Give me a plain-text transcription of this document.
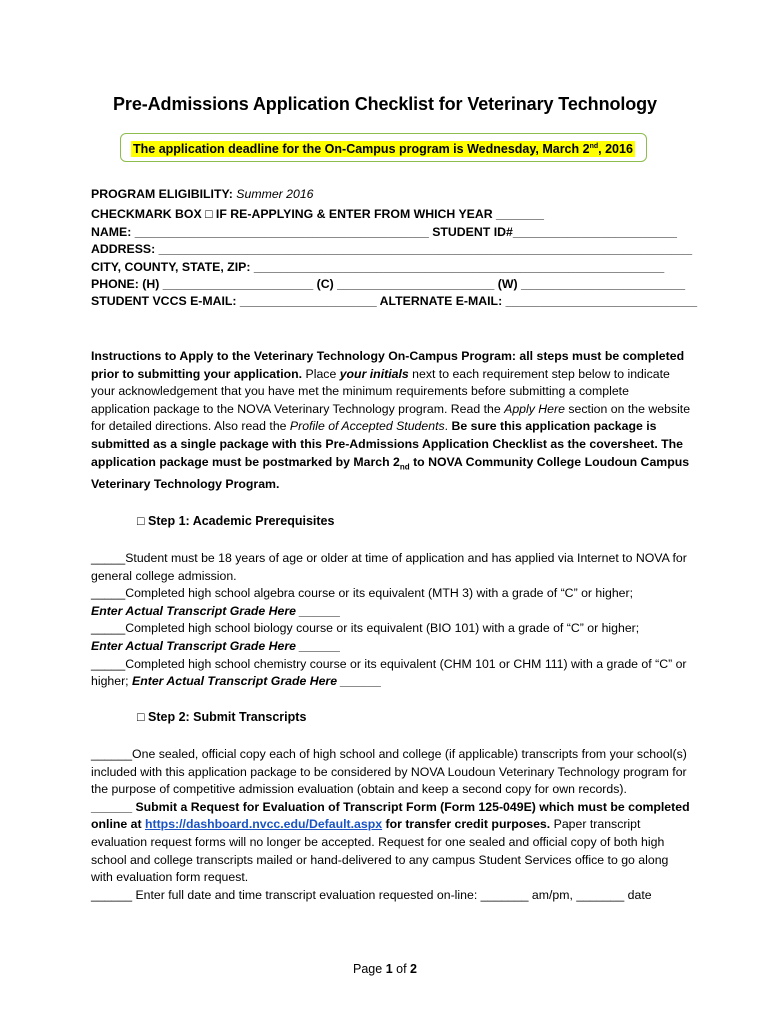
Pre-Admissions Application Checklist for Veterinary Technology
The application deadline for the On-Campus program is Wednesday, March 2nd, 2016
PROGRAM ELIGIBILITY: Summer 2016
CHECKMARK BOX □ IF RE-APPLYING & ENTER FROM WHICH YEAR _______
NAME: ___________________________________________ STUDENT ID#________________________
ADDRESS: ______________________________________________________________________________
CITY, COUNTY, STATE, ZIP: ____________________________________________________________
PHONE: (H) ______________________ (C) _______________________ (W) ________________________
STUDENT VCCS E-MAIL: ____________________ ALTERNATE E-MAIL: ____________________________
Instructions to Apply to the Veterinary Technology On-Campus Program: all steps must be completed prior to submitting your application. Place your initials next to each requirement step below to indicate your acknowledgement that you have met the minimum requirements before submitting a complete application package to the NOVA Veterinary Technology program. Read the Apply Here section on the website for detailed directions. Also read the Profile of Accepted Students. Be sure this application package is submitted as a single package with this Pre-Admissions Application Checklist as the coversheet. The application package must be postmarked by March $2_{nd}$ to NOVA Community College Loudoun Campus Veterinary Technology Program.
□ Step 1: Academic Prerequisites
_____Student must be 18 years of age or older at time of application and has applied via Internet to NOVA for general college admission.
_____Completed high school algebra course or its equivalent (MTH 3) with a grade of “C” or higher;
Enter Actual Transcript Grade Here ______
_____Completed high school biology course or its equivalent (BIO 101) with a grade of “C” or higher;
Enter Actual Transcript Grade Here ______
_____Completed high school chemistry course or its equivalent (CHM 101 or CHM 111) with a grade of “C” or higher; Enter Actual Transcript Grade Here ______
□ Step 2: Submit Transcripts
______One sealed, official copy each of high school and college (if applicable) transcripts from your school(s) included with this application package to be considered by NOVA Loudoun Veterinary Technology program for the purpose of competitive admission evaluation (obtain and keep a second copy for own records).
______ Submit a Request for Evaluation of Transcript Form (Form 125-049E) which must be completed online at https://dashboard.nvcc.edu/Default.aspx for transfer credit purposes. Paper transcript evaluation request forms will no longer be accepted. Request for one sealed and official copy of both high school and college transcripts mailed or hand-delivered to any campus Student Services office to go along with evaluation form request.
______ Enter full date and time transcript evaluation requested on-line: _______ am/pm, _______ date
Page 1 of 2
